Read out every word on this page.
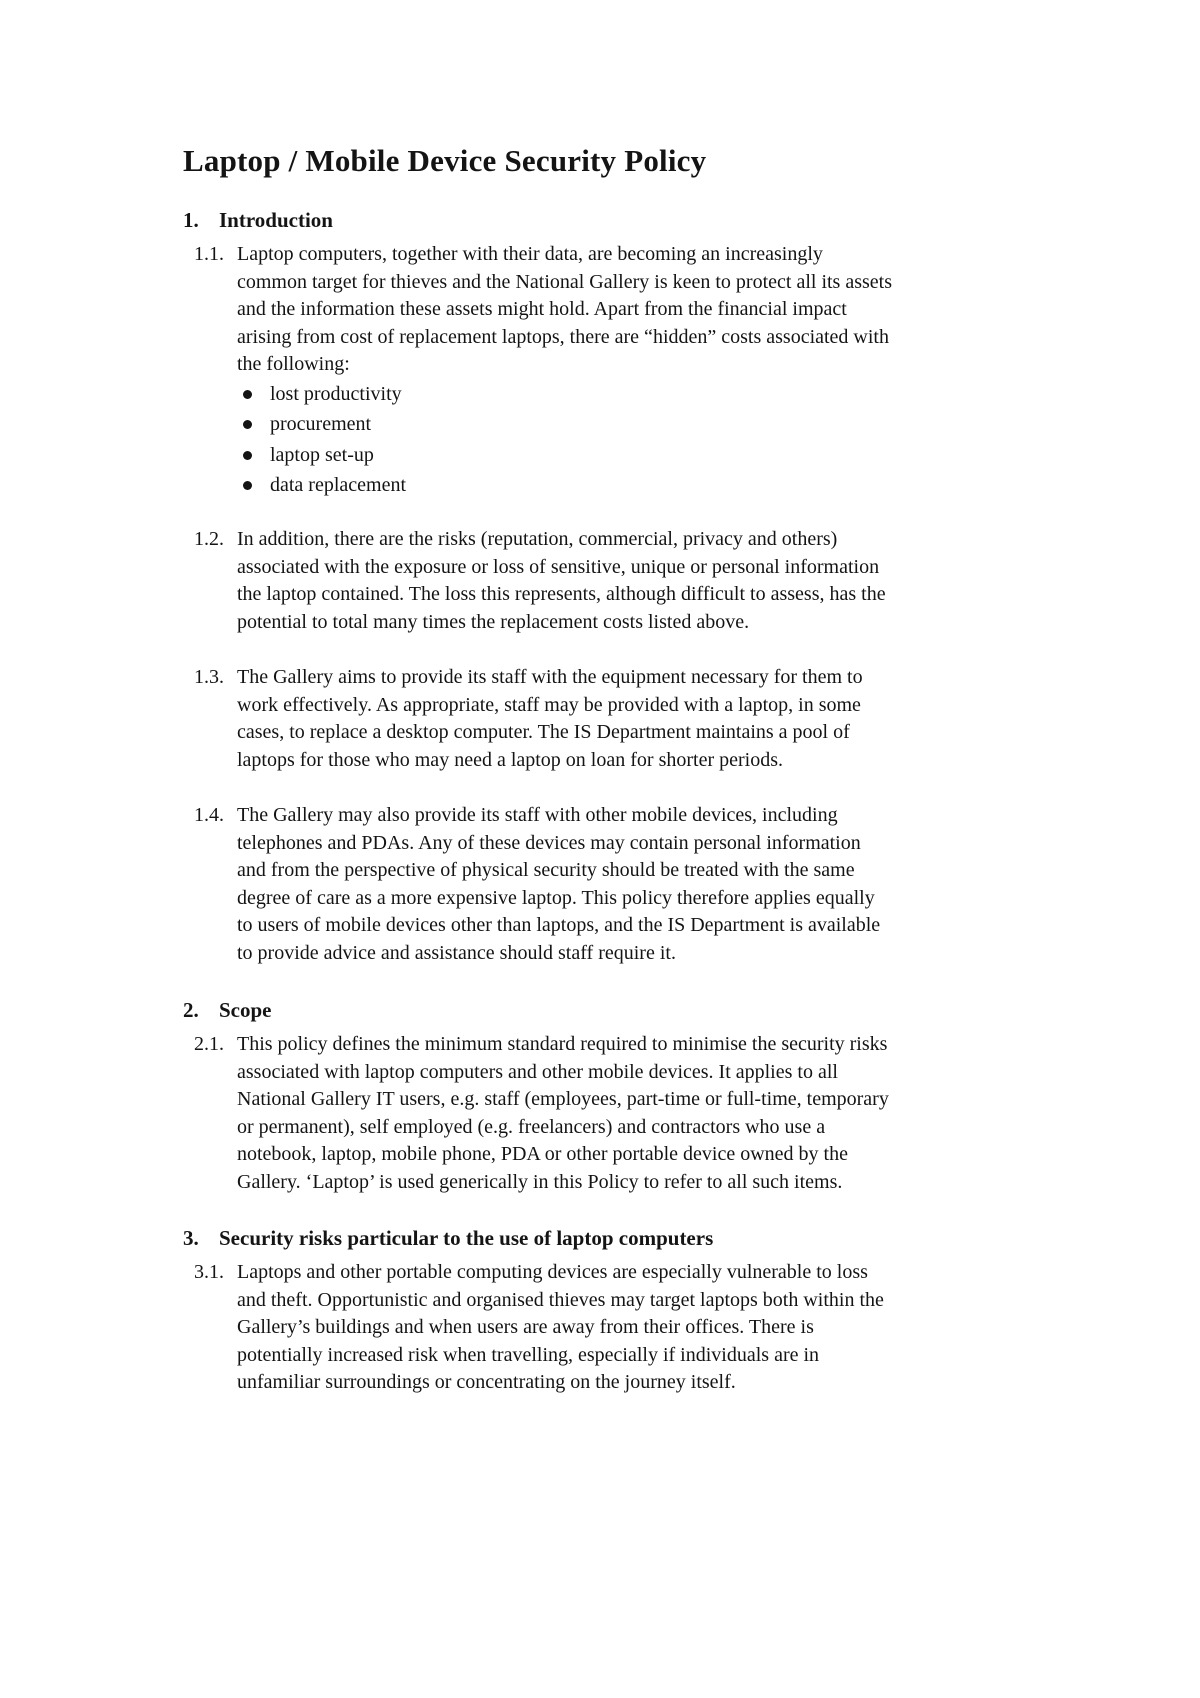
Laptop / Mobile Device Security Policy
1. Introduction
1.1. Laptop computers, together with their data, are becoming an increasingly
common target for thieves and the National Gallery is keen to protect all its assets
and the information these assets might hold. Apart from the financial impact
arising from cost of replacement laptops, there are “hidden” costs associated with
the following:
lost productivity
procurement
laptop set-up
data replacement
1.2. In addition, there are the risks (reputation, commercial, privacy and others)
associated with the exposure or loss of sensitive, unique or personal information
the laptop contained. The loss this represents, although difficult to assess, has the
potential to total many times the replacement costs listed above.
1.3. The Gallery aims to provide its staff with the equipment necessary for them to
work effectively. As appropriate, staff may be provided with a laptop, in some
cases, to replace a desktop computer. The IS Department maintains a pool of
laptops for those who may need a laptop on loan for shorter periods.
1.4. The Gallery may also provide its staff with other mobile devices, including
telephones and PDAs. Any of these devices may contain personal information
and from the perspective of physical security should be treated with the same
degree of care as a more expensive laptop. This policy therefore applies equally
to users of mobile devices other than laptops, and the IS Department is available
to provide advice and assistance should staff require it.
2. Scope
2.1. This policy defines the minimum standard required to minimise the security risks
associated with laptop computers and other mobile devices. It applies to all
National Gallery IT users, e.g. staff (employees, part-time or full-time, temporary
or permanent), self employed (e.g. freelancers) and contractors who use a
notebook, laptop, mobile phone, PDA or other portable device owned by the
Gallery. ‘Laptop’ is used generically in this Policy to refer to all such items.
3. Security risks particular to the use of laptop computers
3.1. Laptops and other portable computing devices are especially vulnerable to loss
and theft. Opportunistic and organised thieves may target laptops both within the
Gallery’s buildings and when users are away from their offices. There is
potentially increased risk when travelling, especially if individuals are in
unfamiliar surroundings or concentrating on the journey itself.
